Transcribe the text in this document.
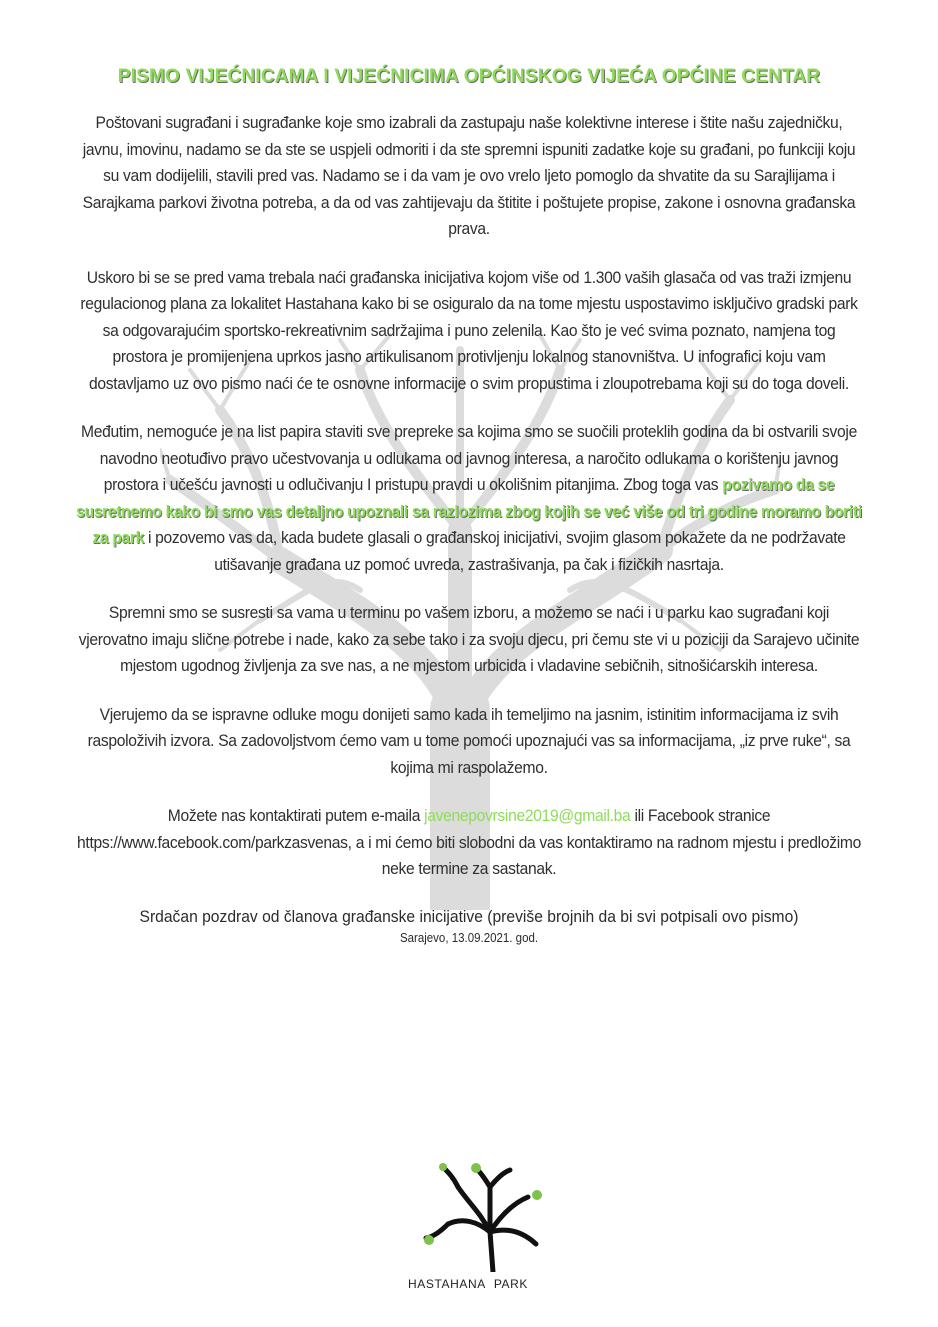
PISMO VIJEĆNICAMA I VIJEĆNICIMA OPĆINSKOG VIJEĆA OPĆINE CENTAR

Poštovani sugrađani i sugrađanke koje smo izabrali da zastupaju naše kolektivne interese i štite našu zajedničku, javnu, imovinu, nadamo se da ste se uspjeli odmoriti i da ste spremni ispuniti zadatke koje su građani, po funkciji koju su vam dodijelili, stavili pred vas. Nadamo se i da vam je ovo vrelo ljeto pomoglo da shvatite da su Sarajlijama i Sarajkama parkovi životna potreba, a da od vas zahtijevaju da štitite i poštujete propise, zakone i osnovna građanska prava.

Uskoro bi se se pred vama trebala naći građanska inicijativa kojom više od 1.300 vaših glasača od vas traži izmjenu regulacionog plana za lokalitet Hastahana kako bi se osiguralo da na tome mjestu uspostavimo isključivo gradski park sa odgovarajućim sportsko-rekreativnim sadržajima i puno zelenila. Kao što je već svima poznato, namjena tog prostora je promijenjena uprkos jasno artikulisanom protivljenju lokalnog stanovništva. U infografici koju vam dostavljamo uz ovo pismo naći će te osnovne informacije o svim propustima i zloupotrebama koji su do toga doveli.

Međutim, nemoguće je na list papira staviti sve prepreke sa kojima smo se suočili proteklih godina da bi ostvarili svoje navodno neotuđivo pravo učestvovanja u odlukama od javnog interesa, a naročito odlukama o korištenju javnog prostora i učešću javnosti u odlučivanju I pristupu pravdi u okolišnim pitanjima. Zbog toga vas pozivamo da se susretnemo kako bi smo vas detaljno upoznali sa razlozima zbog kojih se već više od tri godine moramo boriti za park i pozovemo vas da, kada budete glasali o građanskoj inicijativi, svojim glasom pokažete da ne podržavate utišavanje građana uz pomoć uvreda, zastrašivanja, pa čak i fizičkih nasrtaja.

Spremni smo se susresti sa vama u terminu po vašem izboru, a možemo se naći i u parku kao sugrađani koji vjerovatno imaju slične potrebe i nade, kako za sebe tako i za svoju djecu, pri čemu ste vi u poziciji da Sarajevo učinite mjestom ugodnog življenja za sve nas, a ne mjestom urbicida i vladavine sebičnih, sitnošićarskih interesa.

Vjerujemo da se ispravne odluke mogu donijeti samo kada ih temeljimo na jasnim, istinitim informacijama iz svih raspoloživih izvora. Sa zadovoljstvom ćemo vam u tome pomoći upoznajući vas sa informacijama, „iz prve ruke“, sa kojima mi raspolažemo.

Možete nas kontaktirati putem e-maila javenepovrsine2019@gmail.ba ili Facebook stranice https://www.facebook.com/parkzasvenas, a i mi ćemo biti slobodni da vas kontaktiramo na radnom mjestu i predložimo neke termine za sastanak.

Srdačan pozdrav od članova građanske inicijative (previše brojnih da bi svi potpisali ovo pismo)

Sarajevo, 13.09.2021. god.

HASTAHANA PARK
